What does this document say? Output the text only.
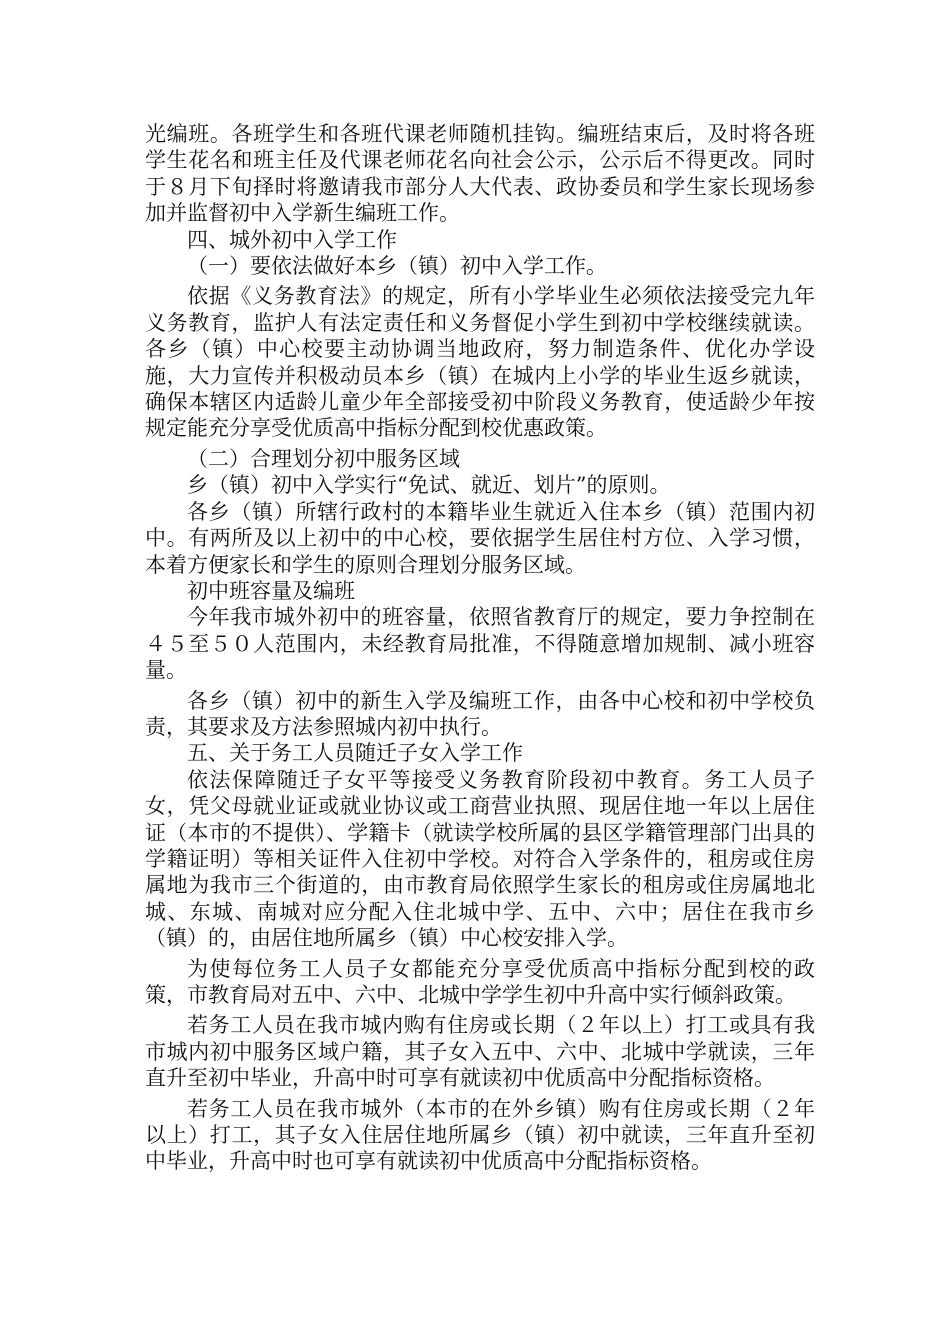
光编班。各班学生和各班代课老师随机挂钩。编班结束后，及时将各班学生花名和班主任及代课老师花名向社会公示，公示后不得更改。同时于８月下旬择时将邀请我市部分人大代表、政协委员和学生家长现场参加并监督初中入学新生编班工作。

四、城外初中入学工作

（一）要依法做好本乡（镇）初中入学工作。

依据《义务教育法》的规定，所有小学毕业生必须依法接受完九年义务教育，监护人有法定责任和义务督促小学生到初中学校继续就读。各乡（镇）中心校要主动协调当地政府，努力制造条件、优化办学设施，大力宣传并积极动员本乡（镇）在城内上小学的毕业生返乡就读，确保本辖区内适龄儿童少年全部接受初中阶段义务教育，使适龄少年按规定能充分享受优质高中指标分配到校优惠政策。

（二）合理划分初中服务区域

乡（镇）初中入学实行“免试、就近、划片”的原则。

各乡（镇）所辖行政村的本籍毕业生就近入住本乡（镇）范围内初中。有两所及以上初中的中心校，要依据学生居住村方位、入学习惯，本着方便家长和学生的原则合理划分服务区域。

初中班容量及编班

今年我市城外初中的班容量，依照省教育厅的规定，要力争控制在４５至５０人范围内，未经教育局批准，不得随意增加规制、减小班容量。

各乡（镇）初中的新生入学及编班工作，由各中心校和初中学校负责，其要求及方法参照城内初中执行。

五、关于务工人员随迁子女入学工作

依法保障随迁子女平等接受义务教育阶段初中教育。务工人员子女，凭父母就业证或就业协议或工商营业执照、现居住地一年以上居住证（本市的不提供）、学籍卡（就读学校所属的县区学籍管理部门出具的学籍证明）等相关证件入住初中学校。对符合入学条件的，租房或住房属地为我市三个街道的，由市教育局依照学生家长的租房或住房属地北城、东城、南城对应分配入住北城中学、五中、六中；居住在我市乡（镇）的，由居住地所属乡（镇）中心校安排入学。

为使每位务工人员子女都能充分享受优质高中指标分配到校的政策，市教育局对五中、六中、北城中学学生初中升高中实行倾斜政策。

若务工人员在我市城内购有住房或长期（２年以上）打工或具有我市城内初中服务区域户籍，其子女入五中、六中、北城中学就读，三年直升至初中毕业，升高中时可享有就读初中优质高中分配指标资格。

若务工人员在我市城外（本市的在外乡镇）购有住房或长期（２年以上）打工，其子女入住居住地所属乡（镇）初中就读，三年直升至初中毕业，升高中时也可享有就读初中优质高中分配指标资格。
